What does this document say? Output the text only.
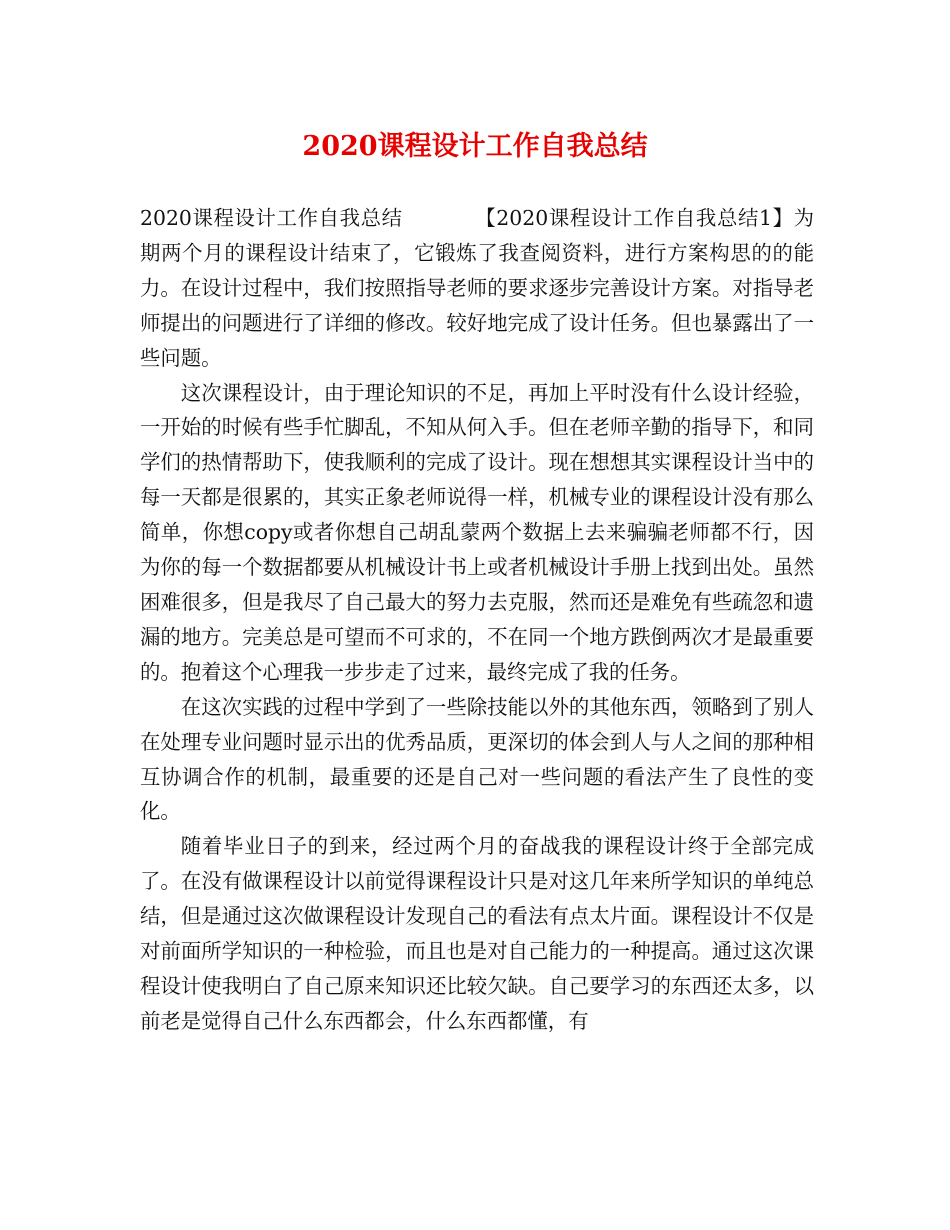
2020课程设计工作自我总结

2020课程设计工作自我总结	【2020课程设计工作自我总结1】为期两个月的课程设计结束了，它锻炼了我查阅资料，进行方案构思的的能力。在设计过程中，我们按照指导老师的要求逐步完善设计方案。对指导老师提出的问题进行了详细的修改。较好地完成了设计任务。但也暴露出了一些问题。

这次课程设计，由于理论知识的不足，再加上平时没有什么设计经验，一开始的时候有些手忙脚乱，不知从何入手。但在老师辛勤的指导下，和同学们的热情帮助下，使我顺利的完成了设计。现在想想其实课程设计当中的每一天都是很累的，其实正象老师说得一样，机械专业的课程设计没有那么简单，你想copy或者你想自己胡乱蒙两个数据上去来骗骗老师都不行，因为你的每一个数据都要从机械设计书上或者机械设计手册上找到出处。虽然困难很多，但是我尽了自己最大的努力去克服，然而还是难免有些疏忽和遗漏的地方。完美总是可望而不可求的，不在同一个地方跌倒两次才是最重要的。抱着这个心理我一步步走了过来，最终完成了我的任务。

在这次实践的过程中学到了一些除技能以外的其他东西，领略到了别人在处理专业问题时显示出的优秀品质，更深切的体会到人与人之间的那种相互协调合作的机制，最重要的还是自己对一些问题的看法产生了良性的变化。

随着毕业日子的到来，经过两个月的奋战我的课程设计终于全部完成了。在没有做课程设计以前觉得课程设计只是对这几年来所学知识的单纯总结，但是通过这次做课程设计发现自己的看法有点太片面。课程设计不仅是对前面所学知识的一种检验，而且也是对自己能力的一种提高。通过这次课程设计使我明白了自己原来知识还比较欠缺。自己要学习的东西还太多，以前老是觉得自己什么东西都会，什么东西都懂，有
